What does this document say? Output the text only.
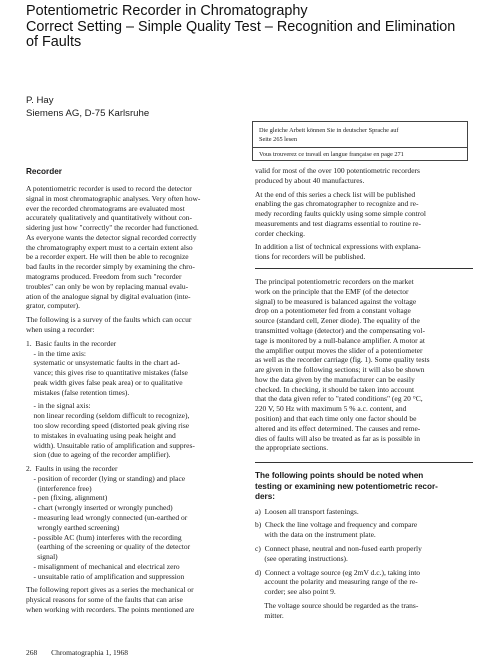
Potentiometric Recorder in Chromatography
Correct Setting – Simple Quality Test – Recognition and Elimination
of Faults
P. Hay
Siemens AG, D-75 Karlsruhe
Die gleiche Arbeit können Sie in deutscher Sprache auf
Seite 265 lesen
Vous trouverez ce travail en langue française en page 271
Recorder
A potentiometric recorder is used to record the detector
signal in most chromatographic analyses. Very often how-
ever the recorded chromatograms are evaluated most
accurately qualitatively and quantitatively without con-
sidering just how "correctly" the recorder had functioned.
As everyone wants the detector signal recorded correctly
the chromatography expert must to a certain extent also
be a recorder expert. He will then be able to recognize
bad faults in the recorder simply by examining the chro-
matograms produced. Freedom from such "recorder
troubles" can only be won by replacing manual evalu-
ation of the analogue signal by digital evaluation (inte-
grator, computer).
The following is a survey of the faults which can occur
when using a recorder:
1.  Basic faults in the recorder
- in the time axis:
systematic or unsystematic faults in the chart ad-
vance; this gives rise to quantitative mistakes (false
peak width gives false peak area) or to qualitative
mistakes (false retention times).
- in the signal axis:
non linear recording (seldom difficult to recognize),
too slow recording speed (distorted peak giving rise
to mistakes in evaluating using peak height and
width). Unsuitable ratio of amplification and suppres-
sion (due to ageing of the recorder amplifier).
2.  Faults in using the recorder
- position of recorder (lying or standing) and place
(interference free)
- pen (fixing, alignment)
- chart (wrongly inserted or wrongly punched)
- measuring lead wrongly connected (un-earthed or
wrongly earthed screening)
- possible AC (hum) interferes with the recording
(earthing of the screening or quality of the detector
signal)
- misalignment of mechanical and electrical zero
- unsuitable ratio of amplification and suppression
The following report gives as a series the mechanical or
physical reasons for some of the faults that can arise
when working with recorders. The points mentioned are
valid for most of the over 100 potentiometric recorders
produced by about 40 manufactures.
At the end of this series a check list will be published
enabling the gas chromatographer to recognize and re-
medy recording faults quickly using some simple control
measurements and test diagrams essential to routine re-
corder checking.
In addition a list of technical expressions with explana-
tions for recorders will be published.
The principal potentiometric recorders on the market
work on the principle that the EMF (of the detector
signal) to be measured is balanced against the voltage
drop on a potentiometer fed from a constant voltage
source (standard cell, Zener diode). The equality of the
transmitted voltage (detector) and the compensating vol-
tage is monitored by a null-balance amplifier. A motor at
the amplifier output moves the slider of a potentiometer
as well as the recorder carriage (fig. 1). Some quality tests
are given in the following sections; it will also be shown
how the data given by the manufacturer can be easily
checked. In checking, it should be taken into account
that the data given refer to "rated conditions" (eg 20 °C,
220 V, 50 Hz with maximum 5 % a.c. content, and
position) and that each time only one factor should be
altered and its effect determined. The causes and reme-
dies of faults will also be treated as far as is possible in
the appropriate sections.
The following points should be noted when
testing or examining new potentiometric recor-
ders:
a)  Loosen all transport fastenings.
b)  Check the line voltage and frequency and compare
with the data on the instrument plate.
c)  Connect phase, neutral and non-fused earth properly
(see operating instructions).
d)  Connect a voltage source (eg 2mV d.c.), taking into
account the polarity and measuring range of the re-
corder; see also point 9.
The voltage source should be regarded as the trans-
mitter.
268 Chromatographia 1, 1968
